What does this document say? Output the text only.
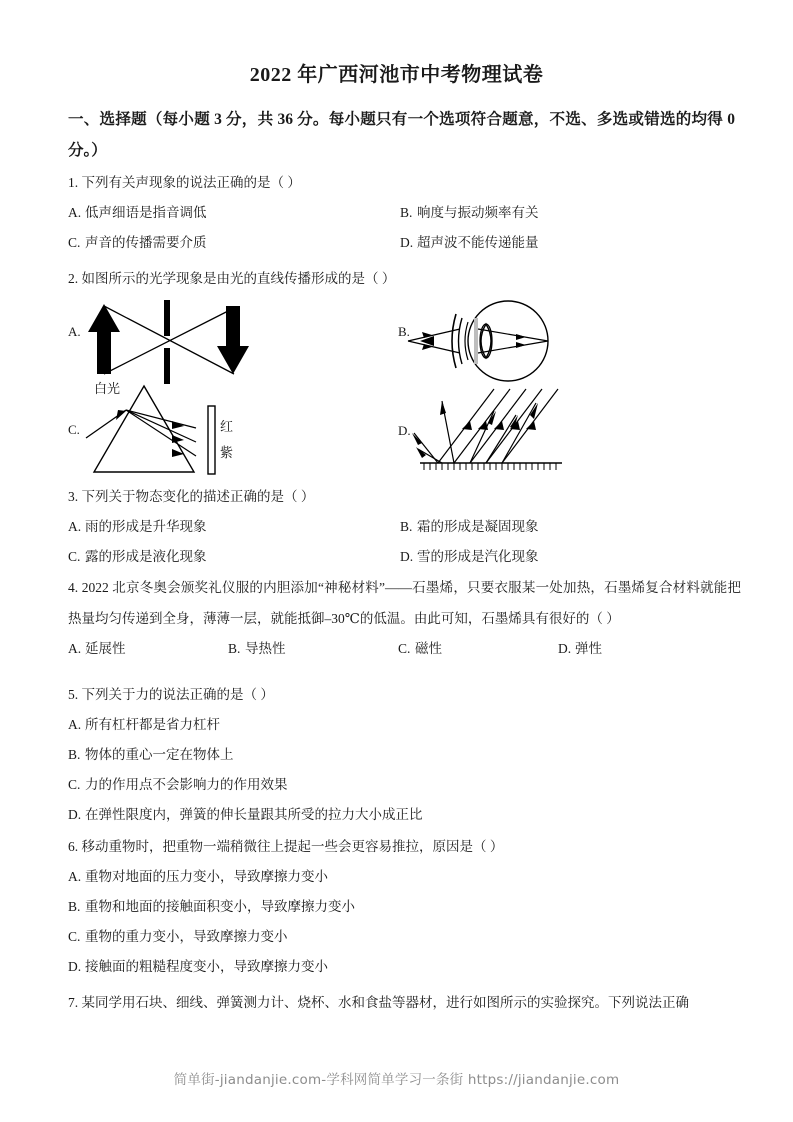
2022 年广西河池市中考物理试卷
一、选择题（每小题 3 分，共 36 分。每小题只有一个选项符合题意，不选、多选或错选的均得 0 分。）
1. 下列有关声现象的说法正确的是（ ）
A. 低声细语是指音调低	B. 响度与振动频率有关
C. 声音的传播需要介质	D. 超声波不能传递能量
2. 如图所示的光学现象是由光的直线传播形成的是（ ）
A.	B.
C.
白光
红
紫
D.
3. 下列关于物态变化的描述正确的是（ ）
A. 雨的形成是升华现象	B. 霜的形成是凝固现象
C. 露的形成是液化现象	D. 雪的形成是汽化现象
4. 2022 北京冬奥会颁奖礼仪服的内胆添加“神秘材料”——石墨烯，只要衣服某一处加热，石墨烯复合材料就能把热量均匀传递到全身，薄薄一层，就能抵御–30℃的低温。由此可知，石墨烯具有很好的（ ）
A. 延展性	B. 导热性	C. 磁性	D. 弹性
5. 下列关于力的说法正确的是（ ）
A. 所有杠杆都是省力杠杆
B. 物体的重心一定在物体上
C. 力的作用点不会影响力的作用效果
D. 在弹性限度内，弹簧的伸长量跟其所受的拉力大小成正比
6. 移动重物时，把重物一端稍微往上提起一些会更容易推拉，原因是（ ）
A. 重物对地面的压力变小，导致摩擦力变小
B. 重物和地面的接触面积变小，导致摩擦力变小
C. 重物的重力变小，导致摩擦力变小
D. 接触面的粗糙程度变小，导致摩擦力变小
7. 某同学用石块、细线、弹簧测力计、烧杯、水和食盐等器材，进行如图所示的实验探究。下列说法正确
简单街-jiandanjie.com-学科网简单学习一条街 https://jiandanjie.com
